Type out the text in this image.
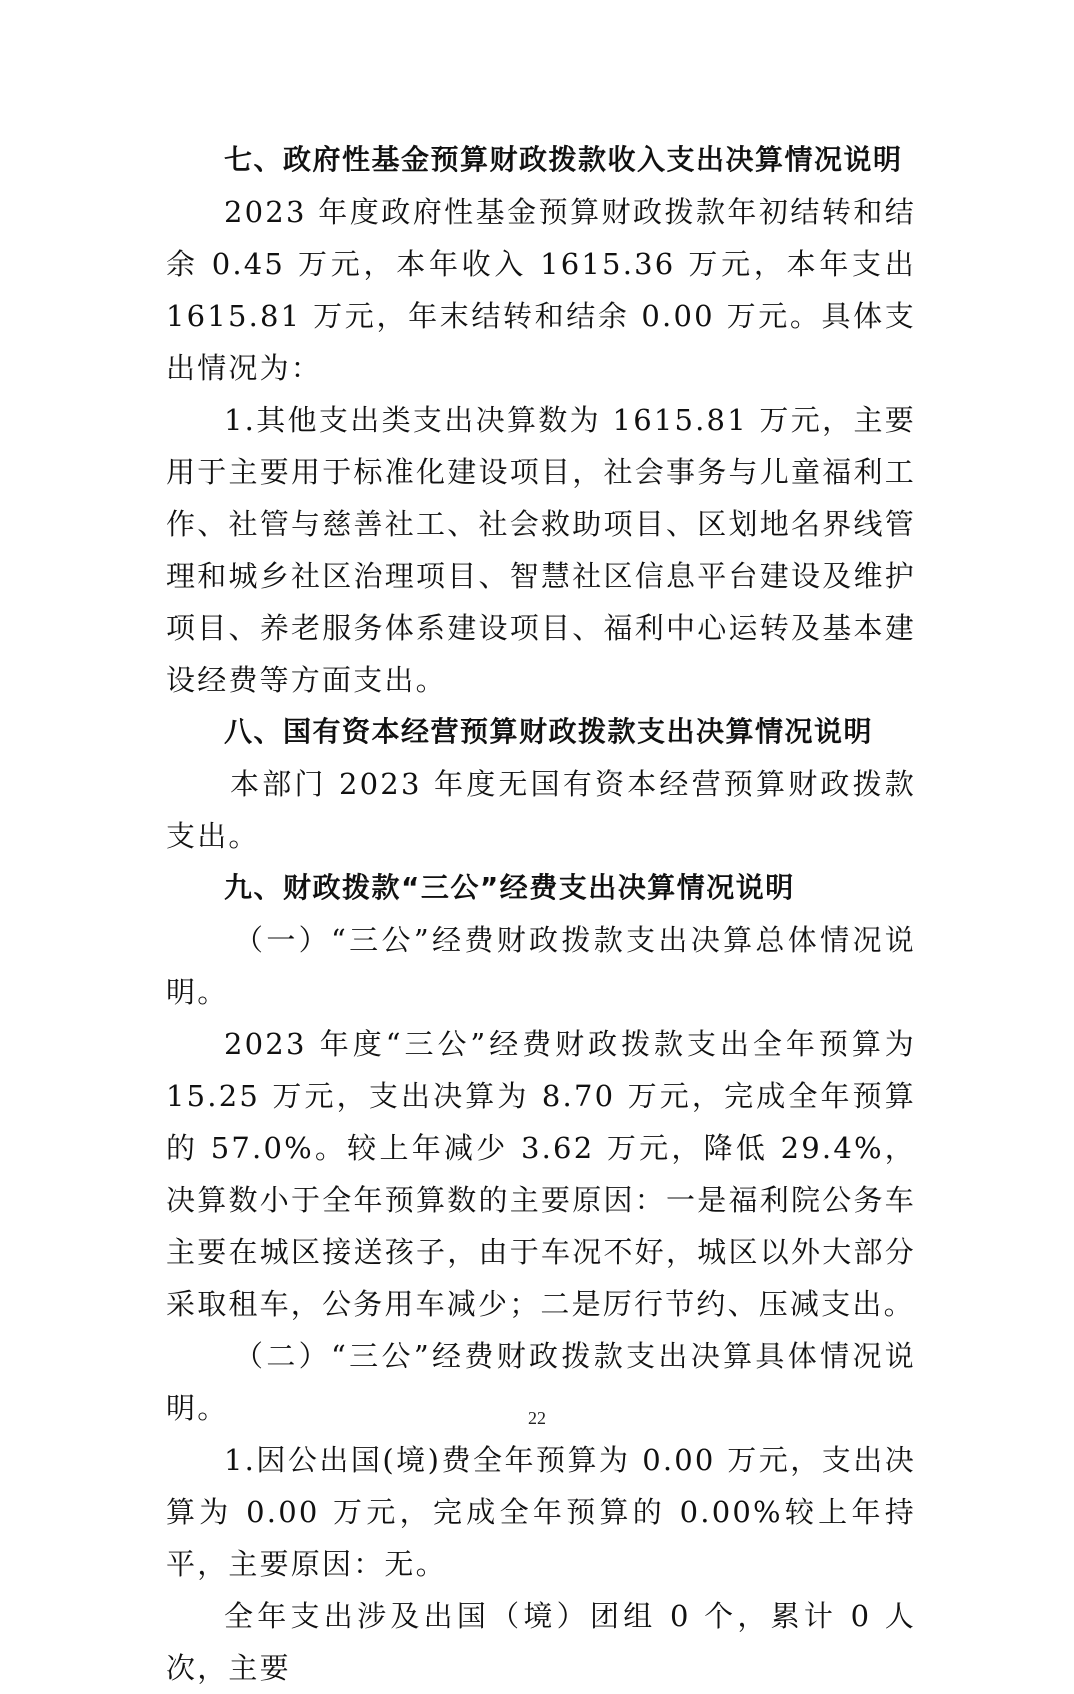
七、政府性基金预算财政拨款收入支出决算情况说明

2023 年度政府性基金预算财政拨款年初结转和结余 0.45 万元，本年收入 1615.36 万元，本年支出 1615.81 万元，年末结转和结余 0.00 万元。具体支出情况为：

1.其他支出类支出决算数为 1615.81 万元，主要用于主要用于标准化建设项目，社会事务与儿童福利工作、社管与慈善社工、社会救助项目、区划地名界线管理和城乡社区治理项目、智慧社区信息平台建设及维护项目、养老服务体系建设项目、福利中心运转及基本建设经费等方面支出。

八、国有资本经营预算财政拨款支出决算情况说明

本部门 2023 年度无国有资本经营预算财政拨款支出。

九、财政拨款“三公”经费支出决算情况说明

（一）“三公”经费财政拨款支出决算总体情况说明。

2023 年度“三公”经费财政拨款支出全年预算为 15.25 万元，支出决算为 8.70 万元，完成全年预算的 57.0%。较上年减少 3.62 万元，降低 29.4%，决算数小于全年预算数的主要原因：一是福利院公务车主要在城区接送孩子，由于车况不好，城区以外大部分采取租车，公务用车减少；二是厉行节约、压减支出。

（二）“三公”经费财政拨款支出决算具体情况说明。

1.因公出国(境)费全年预算为 0.00 万元，支出决算为 0.00 万元，完成全年预算的 0.00%较上年持平，主要原因：无。

全年支出涉及出国（境）团组 0 个，累计 0 人次，主要

22
